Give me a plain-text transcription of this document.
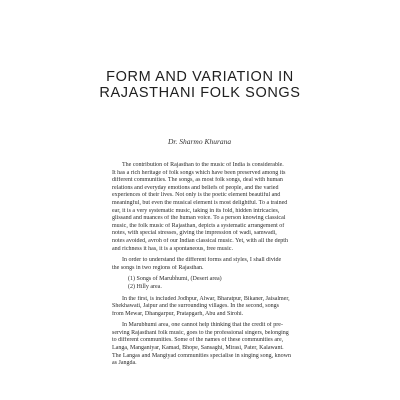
FORM AND VARIATION IN
RAJASTHANI FOLK SONGS
Dr. Sharmo Khurana

The contribution of Rajasthan to the music of India is considerable.
It has a rich heritage of folk songs which have been preserved among its
different communities. The songs, as most folk songs, deal with human
relations and everyday emotions and beliefs of people, and the varied
experiences of their lives. Not only is the poetic element beautiful and
meaningful, but even the musical element is most delightful. To a trained
ear, it is a very systematic music, taking in its fold, hidden intricacies,
glissand and nuances of the human voice. To a person knowing classical
music, the folk music of Rajasthan, depicts a systematic arrangement of
notes, with special stresses, giving the impression of wadi, samwadi,
notes avoided, avroh of our Indian classical music. Yet, with all the depth
and richness it has, it is a spontaneous, free music.

In order to understand the different forms and styles, I shall divide
the songs in two regions of Rajasthan.

(1) Songs of Marubhumi, (Desert area)
(2) Hilly area.

In the first, is included Jodhpur, Alwar, Bharatpur, Bikaner, Jaisalmer,
Shekhawati, Jaipur and the surrounding villages. In the second, songs
from Mewar, Dhangarpur, Pratapgarh, Abu and Sirohi.

In Marubhumi area, one cannot help thinking that the credit of pre-
serving Rajasthani folk music, goes to the professional singers, belonging
to different communities. Some of the names of these communities are,
Langa, Manganiyar, Kamad, Bhope, Sansaghi, Mirasi, Pater, Kalawant.
The Langas and Mangiyad communities specialise in singing song, known
as Jangda.
